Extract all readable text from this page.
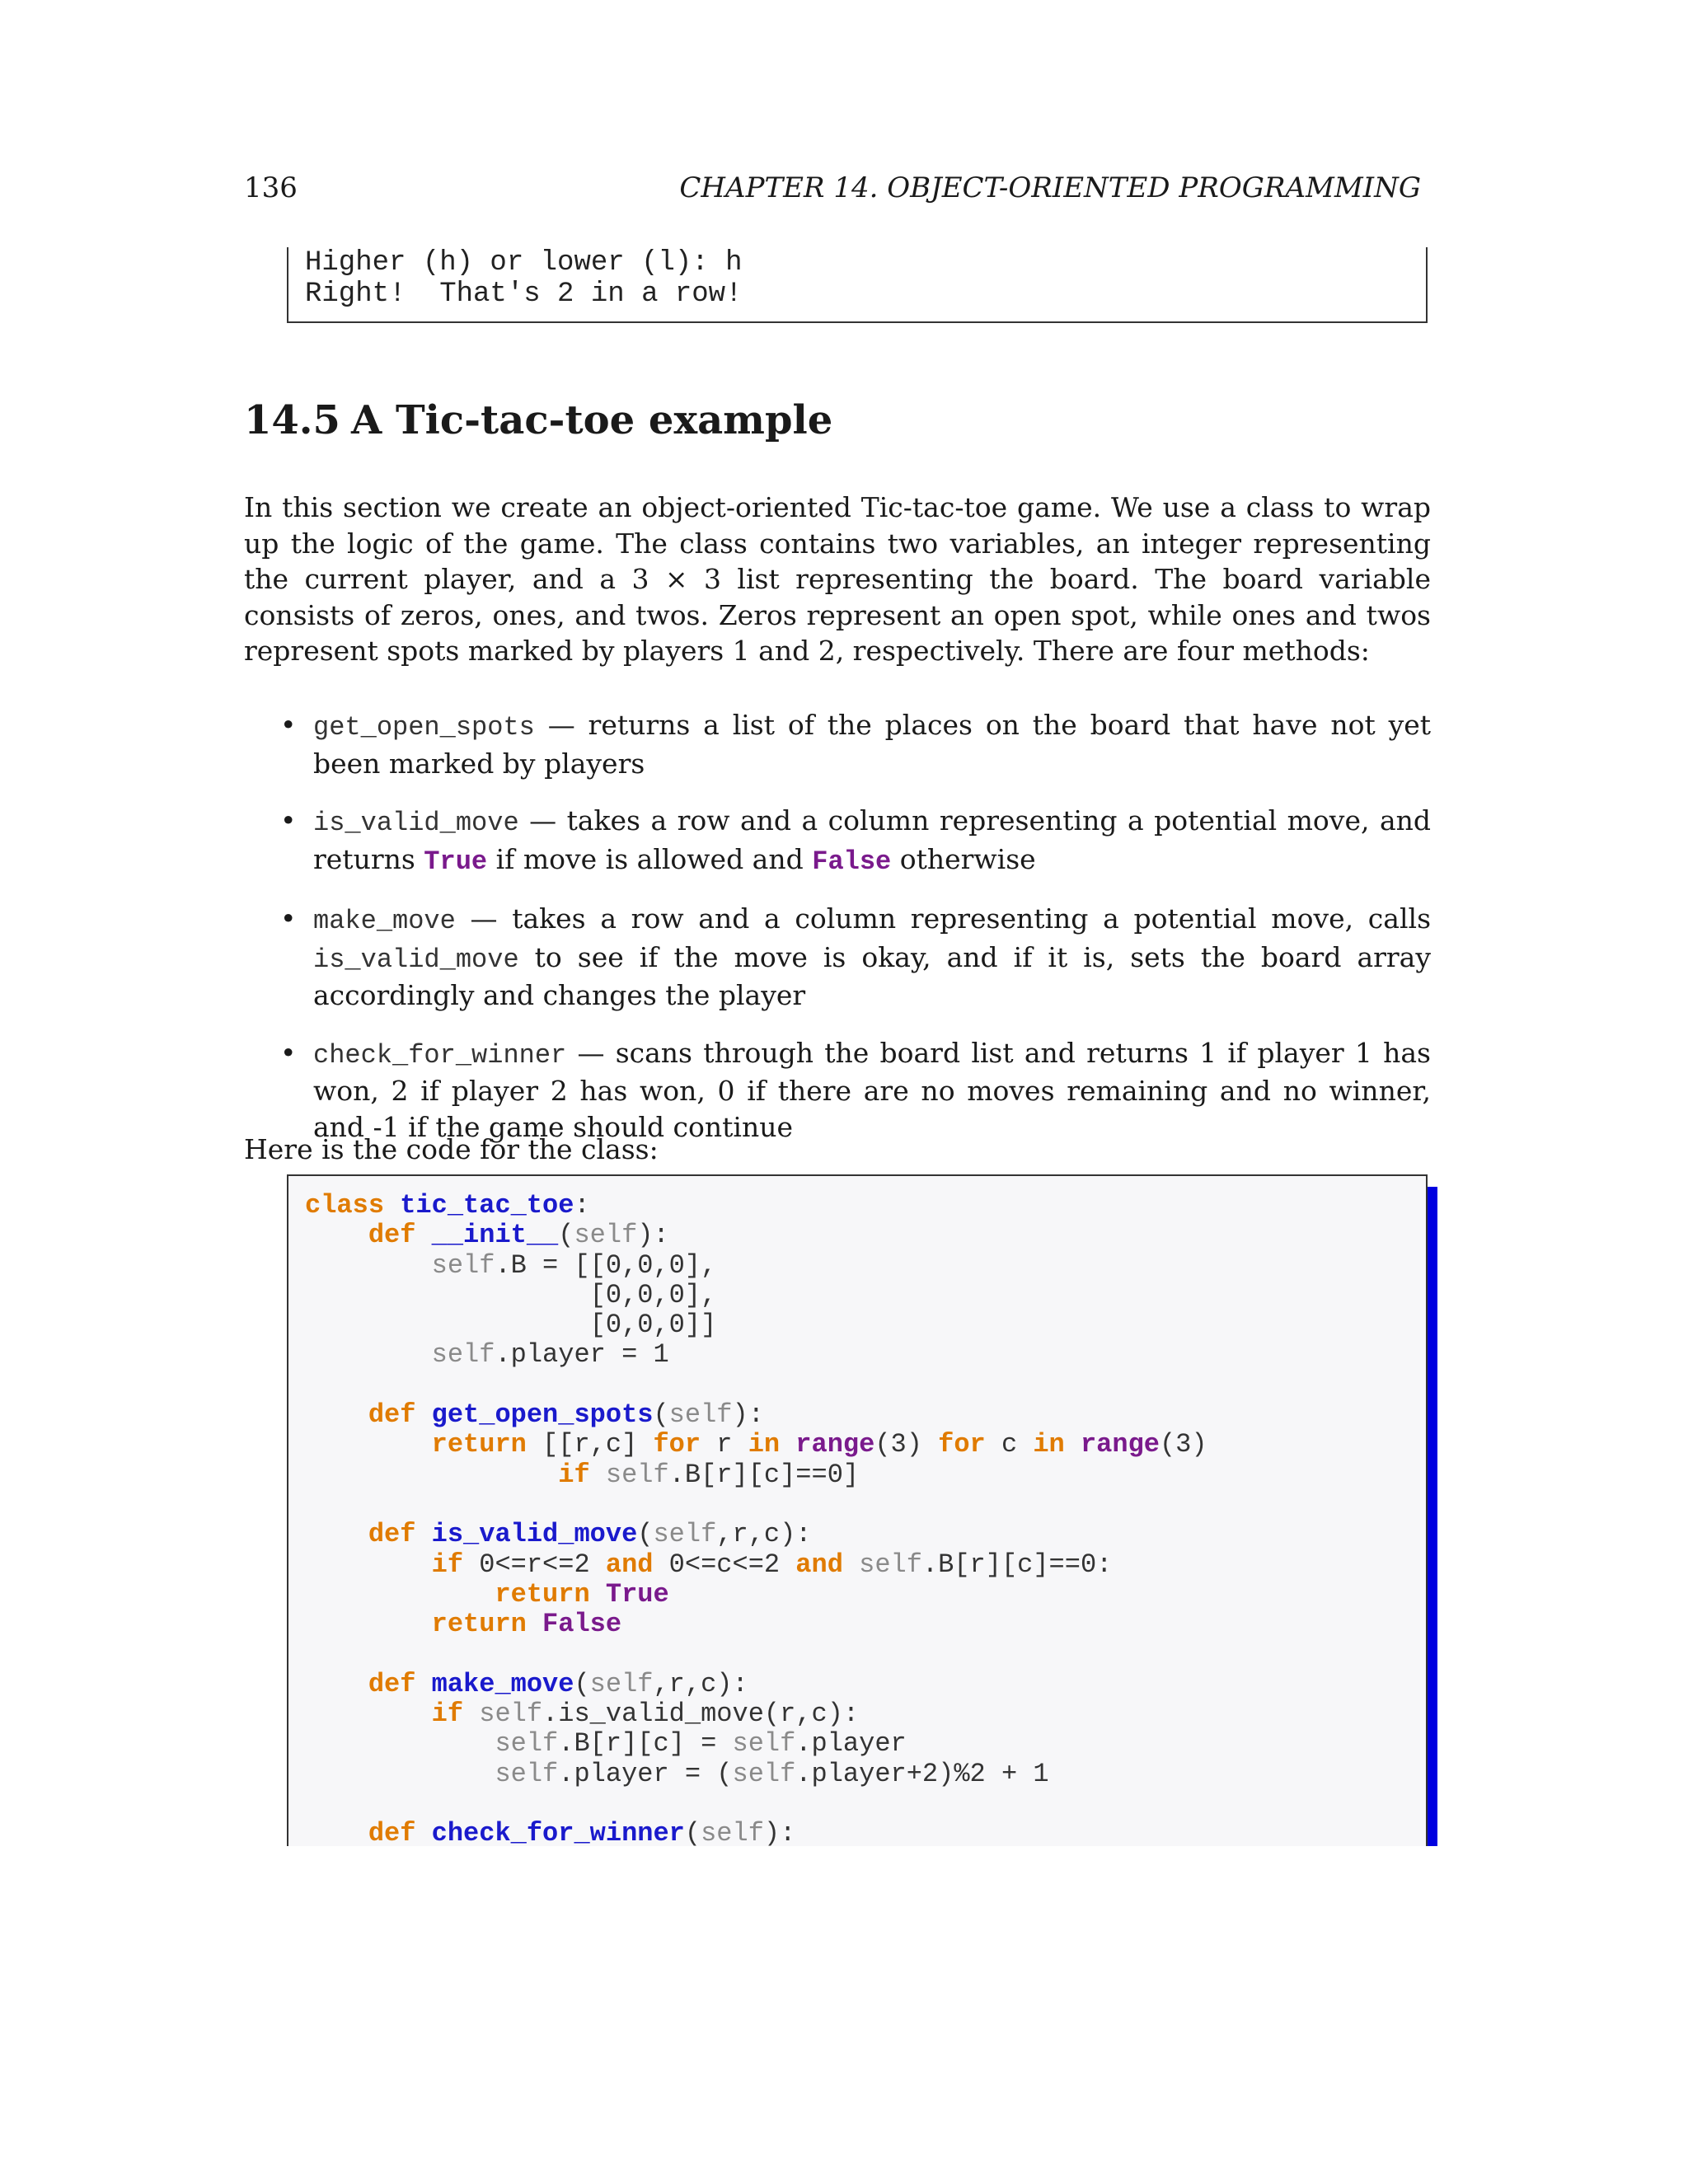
136	CHAPTER 14. OBJECT-ORIENTED PROGRAMMING
Higher (h) or lower (l): h
Right!  That's 2 in a row!
14.5 A Tic-tac-toe example
In this section we create an object-oriented Tic-tac-toe game. We use a class to wrap up the logic of the game. The class contains two variables, an integer representing the current player, and a 3 × 3 list representing the board. The board variable consists of zeros, ones, and twos. Zeros represent an open spot, while ones and twos represent spots marked by players 1 and 2, respectively. There are four methods:
• get_open_spots — returns a list of the places on the board that have not yet been marked by players
• is_valid_move — takes a row and a column representing a potential move, and returns True if move is allowed and False otherwise
• make_move — takes a row and a column representing a potential move, calls is_valid_move to see if the move is okay, and if it is, sets the board array accordingly and changes the player
• check_for_winner — scans through the board list and returns 1 if player 1 has won, 2 if player 2 has won, 0 if there are no moves remaining and no winner, and -1 if the game should continue
Here is the code for the class:
class tic_tac_toe:
def __init__(self):
self.B = [[0,0,0],
[0,0,0],
[0,0,0]]
self.player = 1
def get_open_spots(self):
return [[r,c] for r in range(3) for c in range(3)
if self.B[r][c]==0]
def is_valid_move(self,r,c):
if 0<=r<=2 and 0<=c<=2 and self.B[r][c]==0:
return True
return False
def make_move(self,r,c):
if self.is_valid_move(r,c):
self.B[r][c] = self.player
self.player = (self.player+2)%2 + 1
def check_for_winner(self):
